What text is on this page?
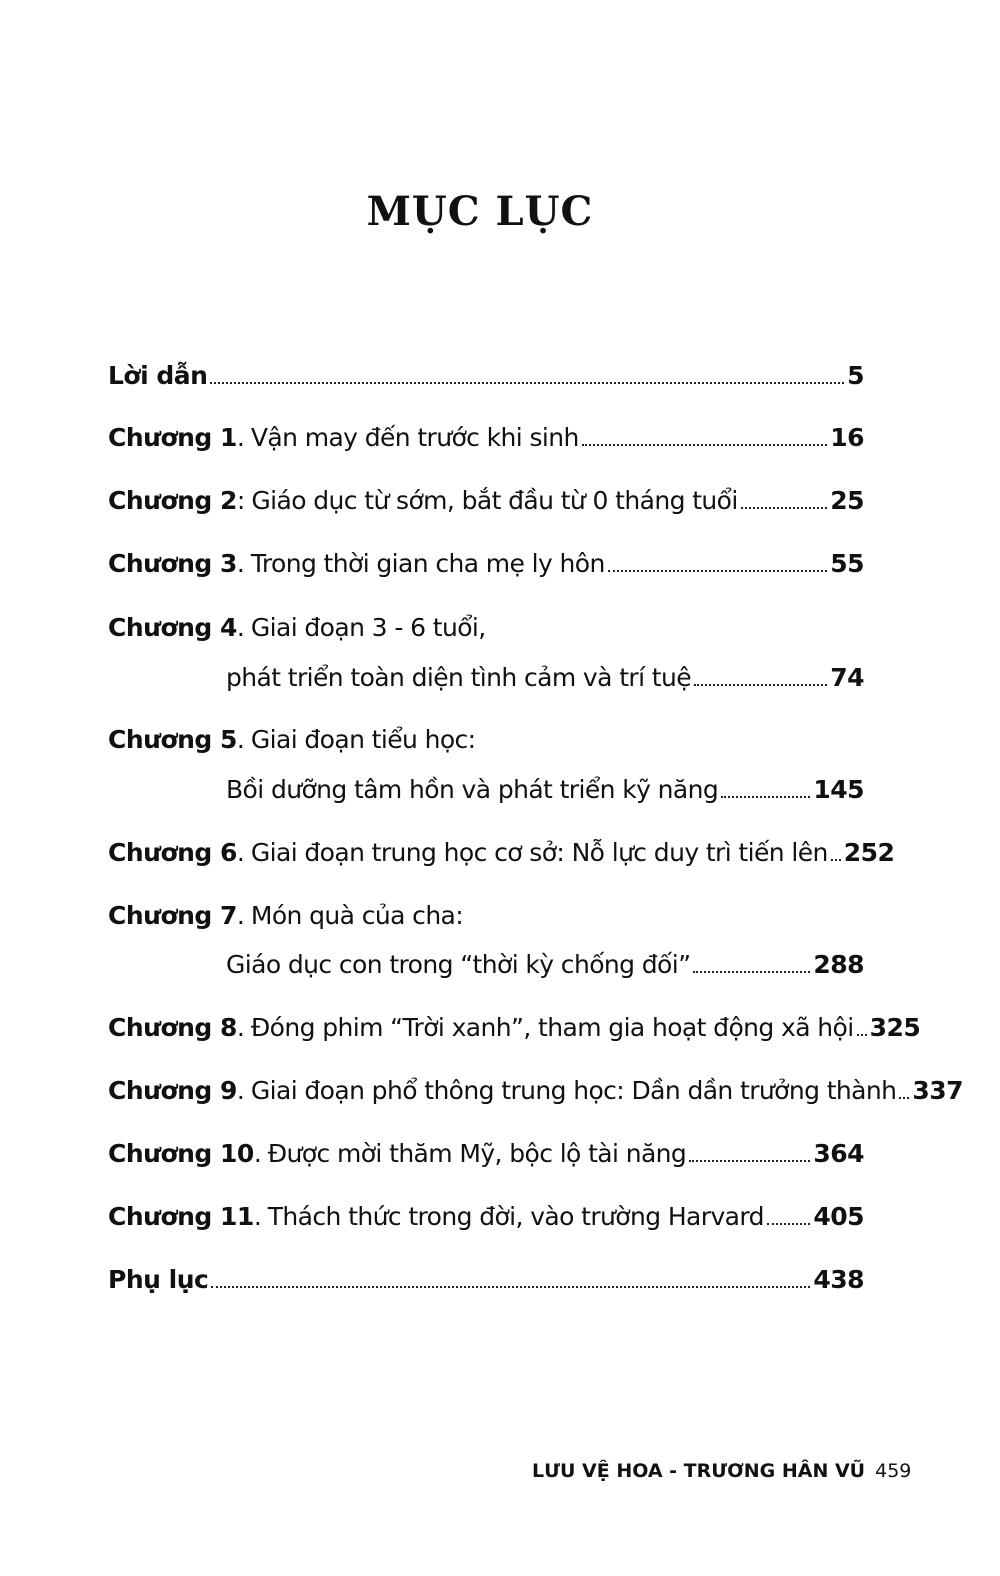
MỤC LỤC
Lời dẫn	5
Chương 1 . Vận may đến trước khi sinh	16
Chương 2 : Giáo dục từ sớm, bắt đầu từ 0 tháng tuổi	25
Chương 3 . Trong thời gian cha mẹ ly hôn	55
Chương 4 . Giai đoạn 3 - 6 tuổi,
phát triển toàn diện tình cảm và trí tuệ	74
Chương 5 . Giai đoạn tiểu học:
Bồi dưỡng tâm hồn và phát triển kỹ năng	145
Chương 6 . Giai đoạn trung học cơ sở: Nỗ lực duy trì tiến lên 252
Chương 7 . Món quà của cha:
Giáo dục con trong “thời kỳ chống đối”	288
Chương 8 . Đóng phim “Trời xanh”, tham gia hoạt động xã hội 325
Chương 9 . Giai đoạn phổ thông trung học: Dần dần trưởng thành 337
Chương 10 . Được mời thăm Mỹ, bộc lộ tài năng	364
Chương 11 . Thách thức trong đời, vào trường Harvard 405
Phụ lục	438
LƯU VỆ HOA - TRƯƠNG HÂN VŨ 459
